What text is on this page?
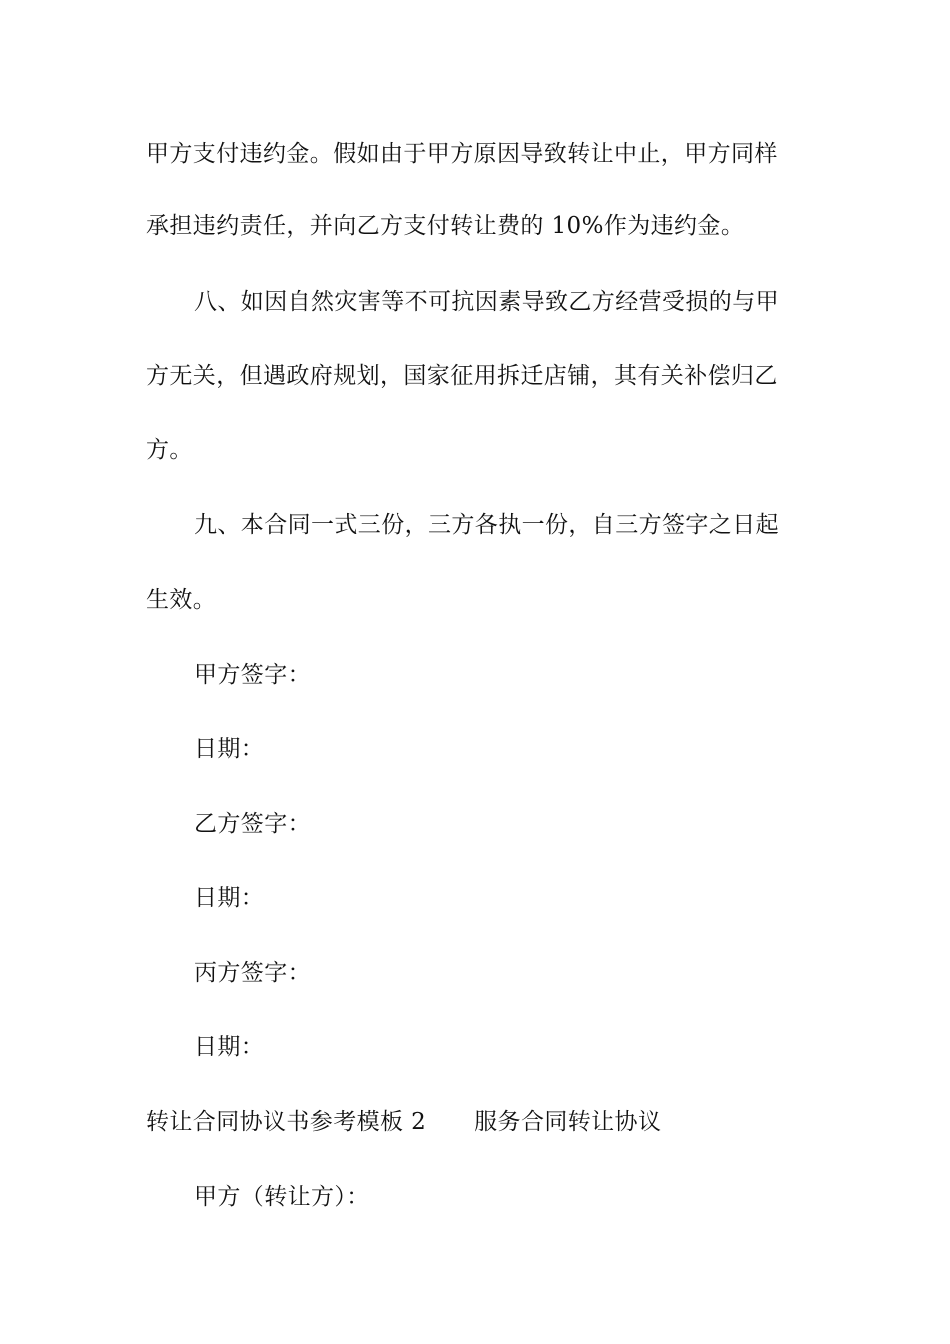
甲方支付违约金。假如由于甲方原因导致转让中止，甲方同样
承担违约责任，并向乙方支付转让费的 10%作为违约金。
八、如因自然灾害等不可抗因素导致乙方经营受损的与甲
方无关，但遇政府规划，国家征用拆迁店铺，其有关补偿归乙
方。
九、本合同一式三份，三方各执一份，自三方签字之日起
生效。
甲方签字：
日期：
乙方签字：
日期：
丙方签字：
日期：
转让合同协议书参考模板 2 服务合同转让协议
甲方（转让方）：
